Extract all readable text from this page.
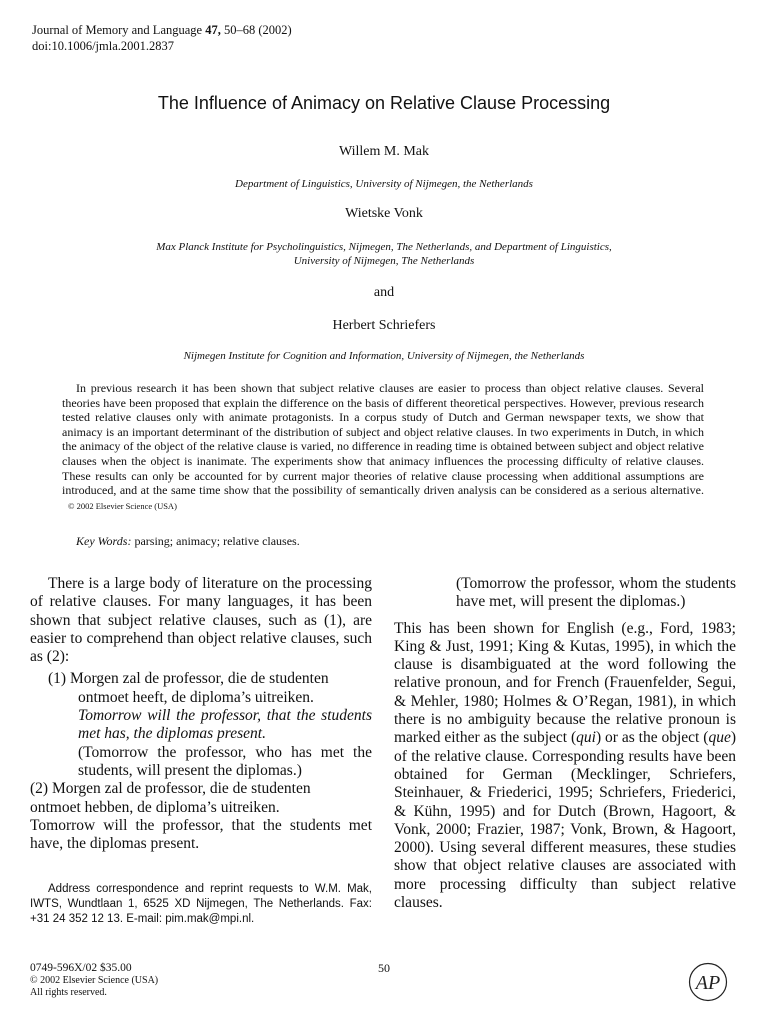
Journal of Memory and Language 47, 50–68 (2002)
doi:10.1006/jmla.2001.2837
The Influence of Animacy on Relative Clause Processing
Willem M. Mak
Department of Linguistics, University of Nijmegen, the Netherlands
Wietske Vonk
Max Planck Institute for Psycholinguistics, Nijmegen, The Netherlands, and Department of Linguistics,
University of Nijmegen, The Netherlands
and
Herbert Schriefers
Nijmegen Institute for Cognition and Information, University of Nijmegen, the Netherlands

In previous research it has been shown that subject relative clauses are easier to process than object relative clauses. Several theories have been proposed that explain the difference on the basis of different theoretical perspectives. However, previous research tested relative clauses only with animate protagonists. In a corpus study of Dutch and German newspaper texts, we show that animacy is an important determinant of the distribution of subject and object relative clauses. In two experiments in Dutch, in which the animacy of the object of the relative clause is varied, no difference in reading time is obtained between subject and object relative clauses when the object is inanimate. The experiments show that animacy influences the processing difficulty of relative clauses. These results can only be accounted for by current major theories of relative clause processing when additional assumptions are introduced, and at the same time show that the possibility of semantically driven analysis can be considered as a serious alternative.   © 2002 Elsevier Science (USA)

Key Words: parsing; animacy; relative clauses.

There is a large body of literature on the processing of relative clauses. For many languages, it has been shown that subject relative clauses, such as (1), are easier to comprehend than object relative clauses, such as (2):

(1) Morgen zal de professor, die de studenten
ontmoet heeft, de diploma’s uitreiken.
Tomorrow will the professor, that the students met has, the diplomas present.
(Tomorrow the professor, who has met the students, will present the diplomas.)
(2) Morgen zal de professor, die de studenten
ontmoet hebben, de diploma’s uitreiken.
Tomorrow will the professor, that the students met have, the diplomas present.

(Tomorrow the professor, whom the students have met, will present the diplomas.)

This has been shown for English (e.g., Ford, 1983; King & Just, 1991; King & Kutas, 1995), in which the clause is disambiguated at the word following the relative pronoun, and for French (Frauenfelder, Segui, & Mehler, 1980; Holmes & O’Regan, 1981), in which there is no ambiguity because the relative pronoun is marked either as the subject (qui) or as the object (que) of the relative clause. Corresponding results have been obtained for German (Mecklinger, Schriefers, Steinhauer, & Friederici, 1995; Schriefers, Friederici, & Kühn, 1995) and for Dutch (Brown, Hagoort, & Vonk, 2000; Frazier, 1987; Vonk, Brown, & Hagoort, 2000). Using several different measures, these studies show that object relative clauses are associated with more processing difficulty than subject relative clauses.

Address correspondence and reprint requests to W.M. Mak, IWTS, Wundtlaan 1, 6525 XD Nijmegen, The Netherlands. Fax: +31 24 352 12 13. E-mail: pim.mak@mpi.nl.

0749-596X/02 $35.00
© 2002 Elsevier Science (USA)
All rights reserved.
50
AP
